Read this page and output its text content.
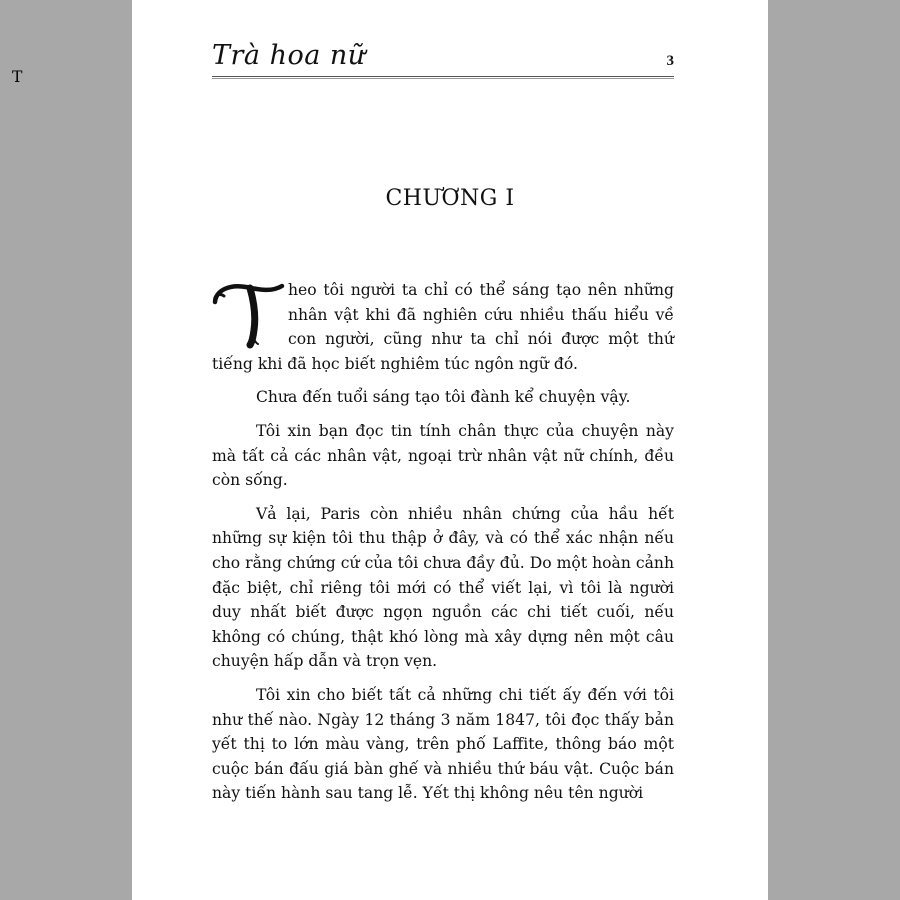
Trà hoa nữ	3
CHƯƠNG I
T

heo tôi người ta chỉ có thể sáng tạo nên những nhân vật khi đã nghiên cứu nhiều thấu hiểu về con người, cũng như ta chỉ nói được một thứ tiếng khi đã học biết nghiêm túc ngôn ngữ đó.

Chưa đến tuổi sáng tạo tôi đành kể chuyện vậy.

Tôi xin bạn đọc tin tính chân thực của chuyện này mà tất cả các nhân vật, ngoại trừ nhân vật nữ chính, đều còn sống.

Vả lại, Paris còn nhiều nhân chứng của hầu hết những sự kiện tôi thu thập ở đây, và có thể xác nhận nếu cho rằng chứng cứ của tôi chưa đầy đủ. Do một hoàn cảnh đặc biệt, chỉ riêng tôi mới có thể viết lại, vì tôi là người duy nhất biết được ngọn nguồn các chi tiết cuối, nếu không có chúng, thật khó lòng mà xây dựng nên một câu chuyện hấp dẫn và trọn vẹn.

Tôi xin cho biết tất cả những chi tiết ấy đến với tôi như thế nào. Ngày 12 tháng 3 năm 1847, tôi đọc thấy bản yết thị to lớn màu vàng, trên phố Laffite, thông báo một cuộc bán đấu giá bàn ghế và nhiều thứ báu vật. Cuộc bán này tiến hành sau tang lễ. Yết thị không nêu tên người
